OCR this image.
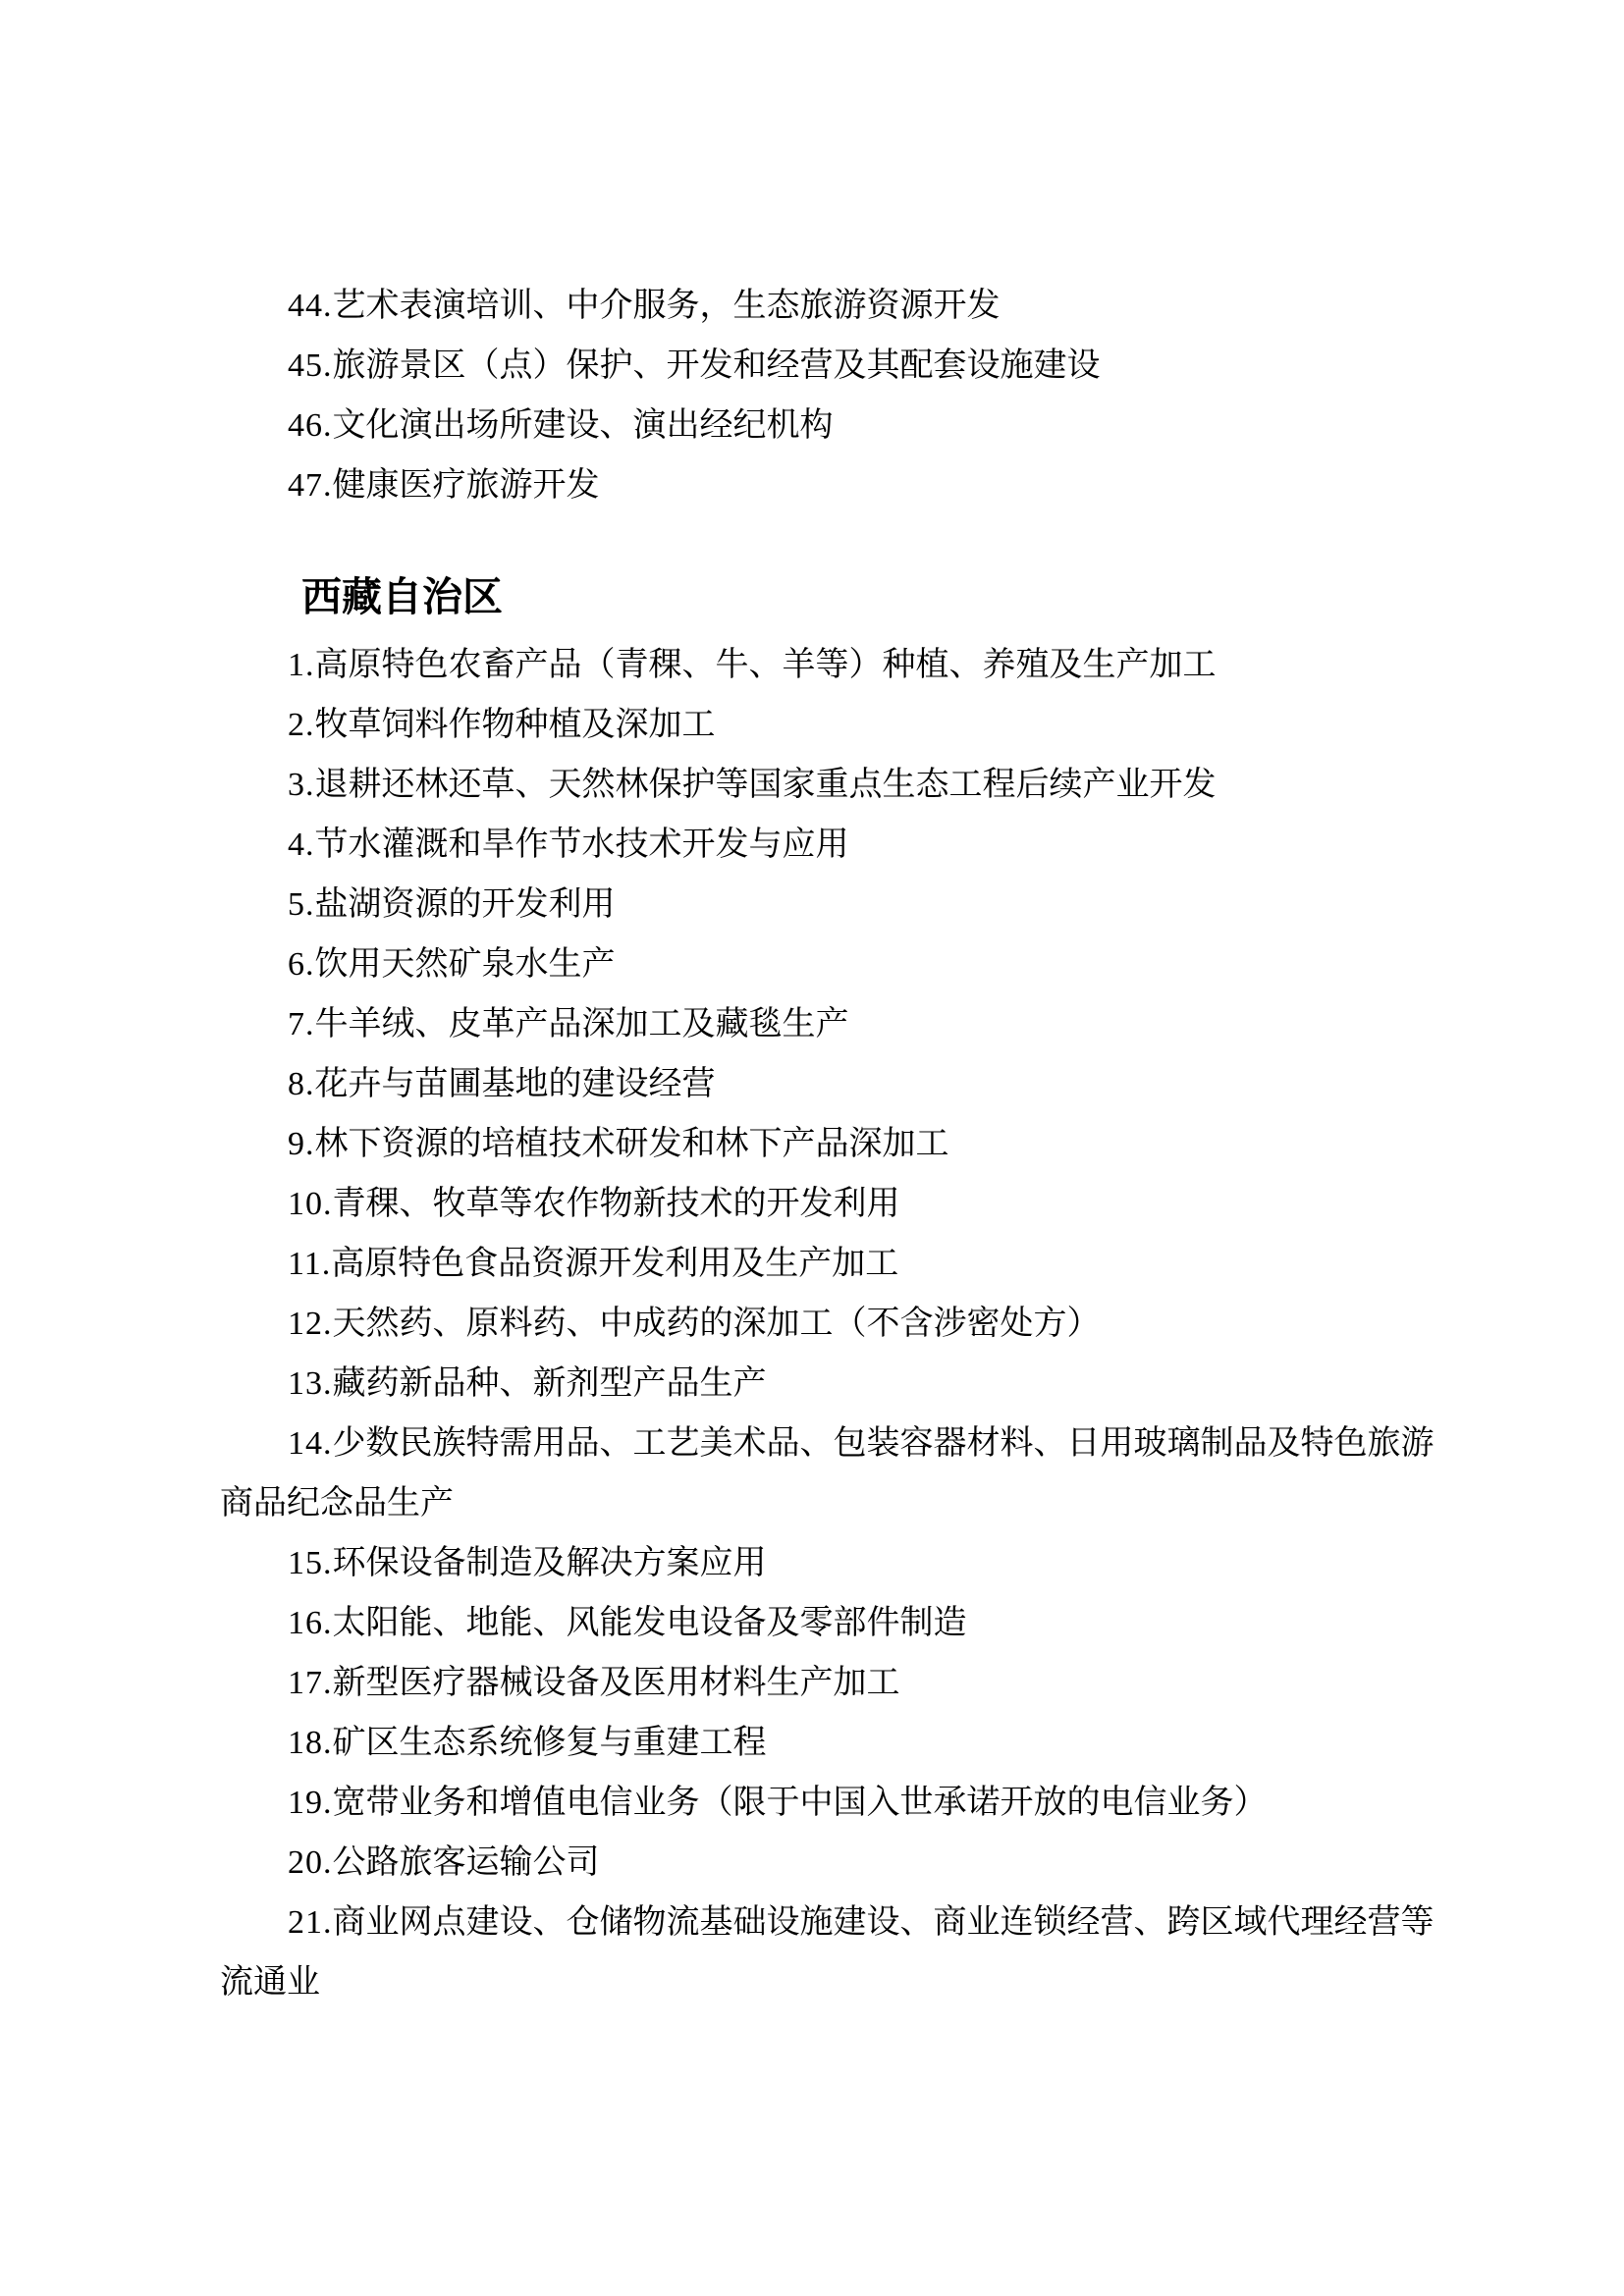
44.艺术表演培训、中介服务，生态旅游资源开发

45.旅游景区（点）保护、开发和经营及其配套设施建设

46.文化演出场所建设、演出经纪机构

47.健康医疗旅游开发

西藏自治区

1.高原特色农畜产品（青稞、牛、羊等）种植、养殖及生产加工

2.牧草饲料作物种植及深加工

3.退耕还林还草、天然林保护等国家重点生态工程后续产业开发

4.节水灌溉和旱作节水技术开发与应用

5.盐湖资源的开发利用

6.饮用天然矿泉水生产

7.牛羊绒、皮革产品深加工及藏毯生产

8.花卉与苗圃基地的建设经营

9.林下资源的培植技术研发和林下产品深加工

10.青稞、牧草等农作物新技术的开发利用

11.高原特色食品资源开发利用及生产加工

12.天然药、原料药、中成药的深加工（不含涉密处方）

13.藏药新品种、新剂型产品生产

14.少数民族特需用品、工艺美术品、包装容器材料、日用玻璃制品及特色旅游商品纪念品生产

15.环保设备制造及解决方案应用

16.太阳能、地能、风能发电设备及零部件制造

17.新型医疗器械设备及医用材料生产加工

18.矿区生态系统修复与重建工程

19.宽带业务和增值电信业务（限于中国入世承诺开放的电信业务）

20.公路旅客运输公司

21.商业网点建设、仓储物流基础设施建设、商业连锁经营、跨区域代理经营等流通业
